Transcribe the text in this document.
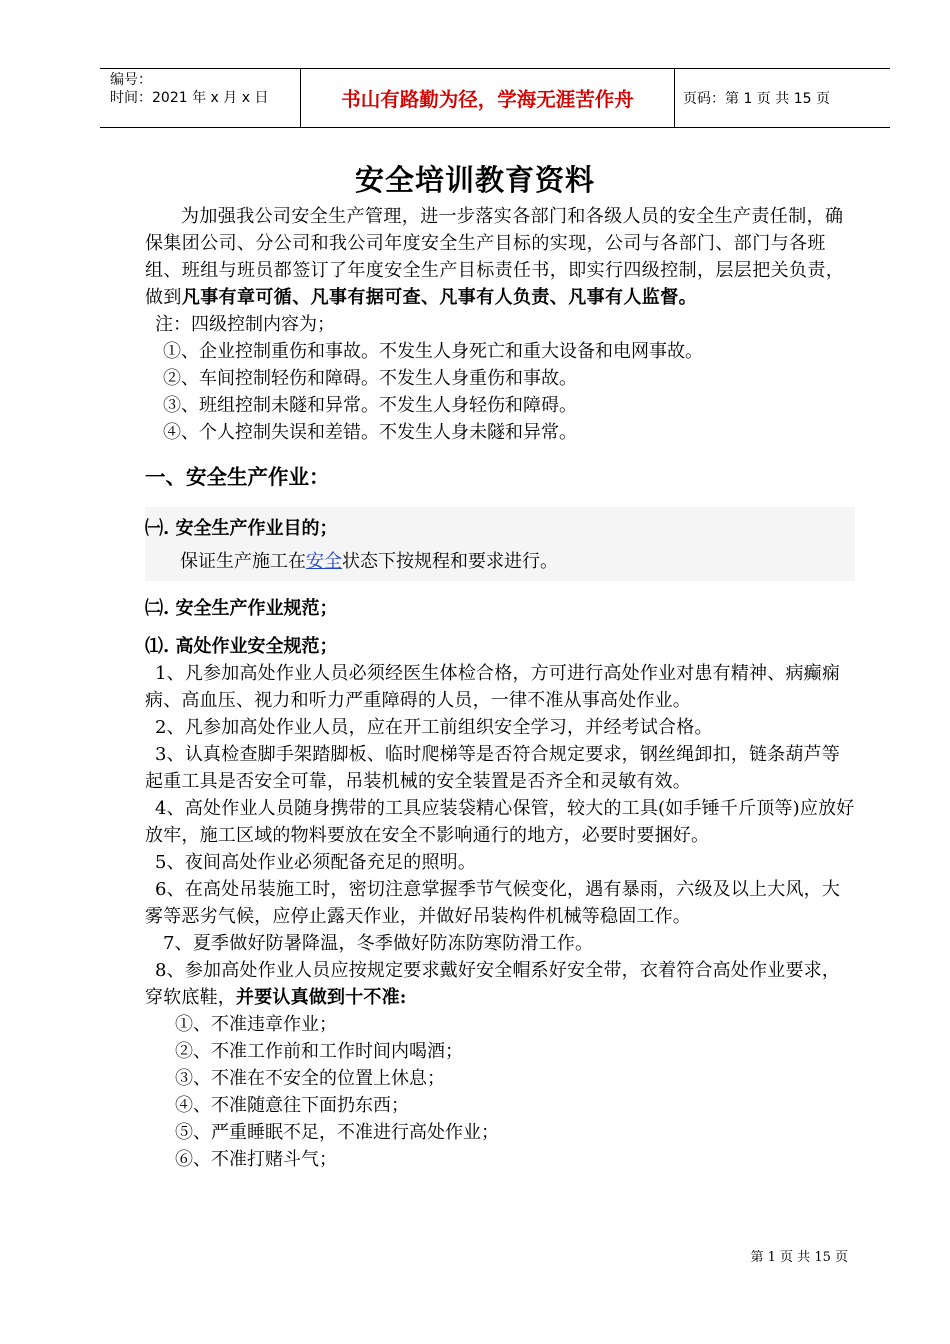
编号：
时间：2021 年 x 月 x 日	书山有路勤为径，学海无涯苦作舟	页码：第 1 页 共 15 页
安全培训教育资料

为加强我公司安全生产管理，进一步落实各部门和各级人员的安全生产责任制，确保集团公司、分公司和我公司年度安全生产目标的实现，公司与各部门、部门与各班组、班组与班员都签订了年度安全生产目标责任书，即实行四级控制，层层把关负责，做到凡事有章可循、凡事有据可查、凡事有人负责、凡事有人监督。

注：四级控制内容为；

①、企业控制重伤和事故。不发生人身死亡和重大设备和电网事故。

②、车间控制轻伤和障碍。不发生人身重伤和事故。

③、班组控制未隧和异常。不发生人身轻伤和障碍。

④、个人控制失误和差错。不发生人身未隧和异常。

一、安全生产作业：

㈠. 安全生产作业目的；

保证生产施工在安全状态下按规程和要求进行。

㈡. 安全生产作业规范；

⑴. 高处作业安全规范；

1、凡参加高处作业人员必须经医生体检合格，方可进行高处作业对患有精神、病癫痫病、高血压、视力和听力严重障碍的人员，一律不准从事高处作业。

2、凡参加高处作业人员，应在开工前组织安全学习，并经考试合格。

3、认真检查脚手架踏脚板、临时爬梯等是否符合规定要求，钢丝绳卸扣，链条葫芦等起重工具是否安全可靠，吊装机械的安全装置是否齐全和灵敏有效。

4、高处作业人员随身携带的工具应装袋精心保管，较大的工具(如手锤千斤顶等)应放好放牢，施工区域的物料要放在安全不影响通行的地方，必要时要捆好。

5、夜间高处作业必须配备充足的照明。

6、在高处吊装施工时，密切注意掌握季节气候变化，遇有暴雨，六级及以上大风，大雾等恶劣气候，应停止露天作业，并做好吊装构件机械等稳固工作。

7、夏季做好防暑降温，冬季做好防冻防寒防滑工作。

8、参加高处作业人员应按规定要求戴好安全帽系好安全带，衣着符合高处作业要求，穿软底鞋，并要认真做到十不准:

①、不准违章作业；

②、不准工作前和工作时间内喝酒；

③、不准在不安全的位置上休息；

④、不准随意往下面扔东西；

⑤、严重睡眠不足，不准进行高处作业；

⑥、不准打赌斗气；

第 1 页 共 15 页
